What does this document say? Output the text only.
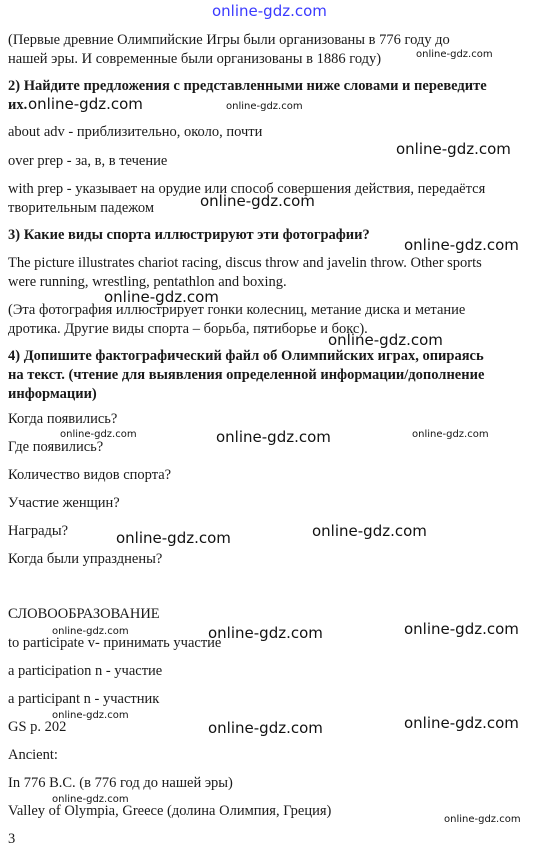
online-gdz.com
(Первые древние Олимпийские Игры были организованы в 776 году до
нашей эры. И современные были организованы в 1886 году)
2) Найдите предложения с представленными ниже словами и переведите
их.
about adv - приблизительно, около, почти
over prep - за, в, в течение
with prep - указывает на орудие или способ совершения действия, передаётся
творительным падежом
3) Какие виды спорта иллюстрируют эти фотографии?
The picture illustrates chariot racing, discus throw and javelin throw. Other sports
were running, wrestling, pentathlon and boxing.
(Эта фотография иллюстрирует гонки колесниц, метание диска и метание
дротика. Другие виды спорта – борьба, пятиборье и бокс).
4) Допишите фактографический файл об Олимпийских играх, опираясь
на текст. (чтение для выявления определенной информации/дополнение
информации)
Когда появились?
Где появились?
Количество видов спорта?
Участие женщин?
Награды?
Когда были упразднены?
СЛОВООБРАЗОВАНИЕ
to participate v- принимать участие
a participation n - участие
a participant n - участник
GS p. 202
Ancient:
In 776 B.C. (в 776 год до нашей эры)
Valley of Olympia, Greece (долина Олимпия, Греция)
3
online-gdz.com
online-gdz.com	online-gdz.com
online-gdz.com
online-gdz.com
online-gdz.com
online-gdz.com
online-gdz.com
online-gdz.com	online-gdz.com	online-gdz.com
online-gdz.com	online-gdz.com
online-gdz.com	online-gdz.com	online-gdz.com
online-gdz.com
online-gdz.com	online-gdz.com
online-gdz.com
online-gdz.com
